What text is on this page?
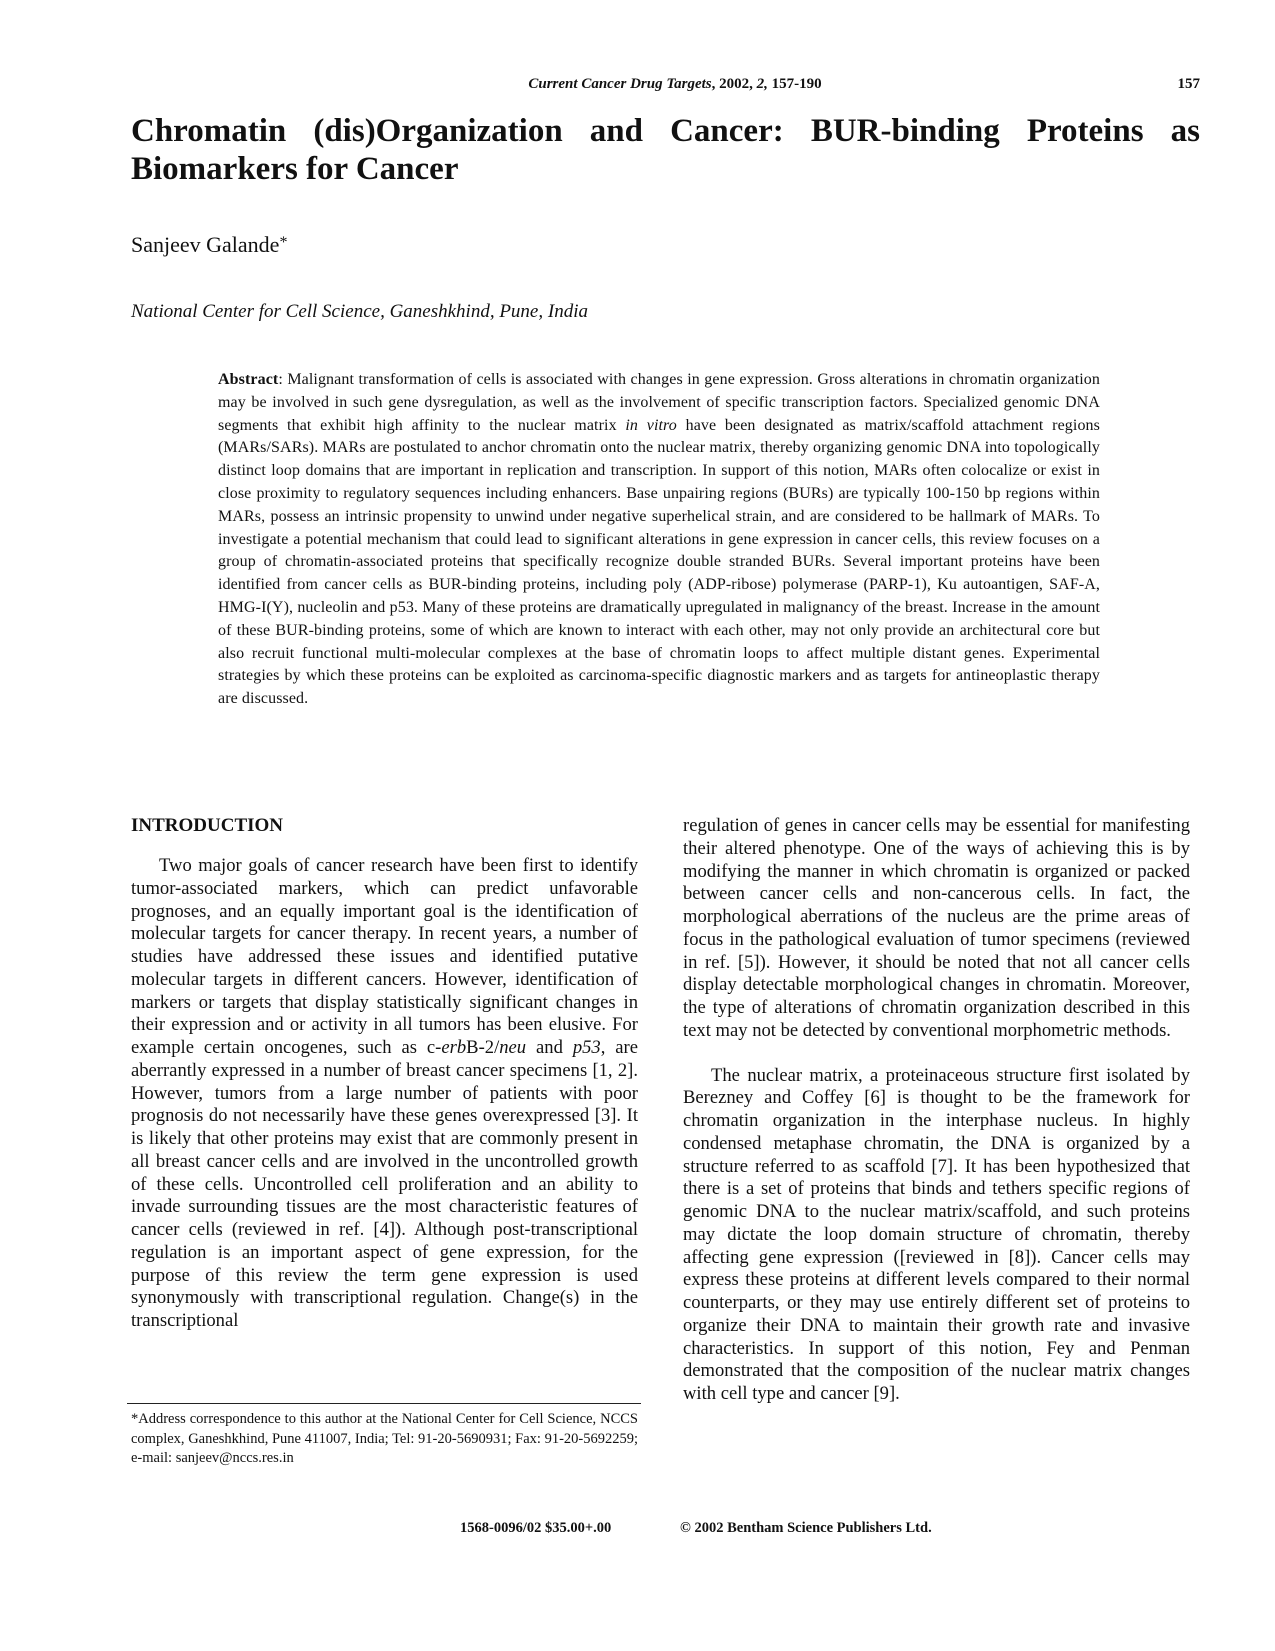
Current Cancer Drug Targets, 2002, 2, 157-190	157
Chromatin (dis)Organization and Cancer: BUR-binding Proteins as Biomarkers for Cancer
Sanjeev Galande*
National Center for Cell Science, Ganeshkhind, Pune, India
Abstract: Malignant transformation of cells is associated with changes in gene expression. Gross alterations in chromatin organization may be involved in such gene dysregulation, as well as the involvement of specific transcription factors. Specialized genomic DNA segments that exhibit high affinity to the nuclear matrix in vitro have been designated as matrix/scaffold attachment regions (MARs/SARs). MARs are postulated to anchor chromatin onto the nuclear matrix, thereby organizing genomic DNA into topologically distinct loop domains that are important in replication and transcription. In support of this notion, MARs often colocalize or exist in close proximity to regulatory sequences including enhancers. Base unpairing regions (BURs) are typically 100-150 bp regions within MARs, possess an intrinsic propensity to unwind under negative superhelical strain, and are considered to be hallmark of MARs. To investigate a potential mechanism that could lead to significant alterations in gene expression in cancer cells, this review focuses on a group of chromatin-associated proteins that specifically recognize double stranded BURs. Several important proteins have been identified from cancer cells as BUR-binding proteins, including poly (ADP-ribose) polymerase (PARP-1), Ku autoantigen, SAF-A, HMG-I(Y), nucleolin and p53. Many of these proteins are dramatically upregulated in malignancy of the breast. Increase in the amount of these BUR-binding proteins, some of which are known to interact with each other, may not only provide an architectural core but also recruit functional multi-molecular complexes at the base of chromatin loops to affect multiple distant genes. Experimental strategies by which these proteins can be exploited as carcinoma-specific diagnostic markers and as targets for antineoplastic therapy are discussed.
INTRODUCTION

Two major goals of cancer research have been first to identify tumor-associated markers, which can predict unfavorable prognoses, and an equally important goal is the identification of molecular targets for cancer therapy. In recent years, a number of studies have addressed these issues and identified putative molecular targets in different cancers. However, identification of markers or targets that display statistically significant changes in their expression and or activity in all tumors has been elusive. For example certain oncogenes, such as c-erbB-2/neu and p53, are aberrantly expressed in a number of breast cancer specimens [1, 2]. However, tumors from a large number of patients with poor prognosis do not necessarily have these genes overexpressed [3]. It is likely that other proteins may exist that are commonly present in all breast cancer cells and are involved in the uncontrolled growth of these cells. Uncontrolled cell proliferation and an ability to invade surrounding tissues are the most characteristic features of cancer cells (reviewed in ref. [4]). Although post-transcriptional regulation is an important aspect of gene expression, for the purpose of this review the term gene expression is used synonymously with transcriptional regulation. Change(s) in the transcriptional

regulation of genes in cancer cells may be essential for manifesting their altered phenotype. One of the ways of achieving this is by modifying the manner in which chromatin is organized or packed between cancer cells and non-cancerous cells. In fact, the morphological aberrations of the nucleus are the prime areas of focus in the pathological evaluation of tumor specimens (reviewed in ref. [5]). However, it should be noted that not all cancer cells display detectable morphological changes in chromatin. Moreover, the type of alterations of chromatin organization described in this text may not be detected by conventional morphometric methods.

The nuclear matrix, a proteinaceous structure first isolated by Berezney and Coffey [6] is thought to be the framework for chromatin organization in the interphase nucleus. In highly condensed metaphase chromatin, the DNA is organized by a structure referred to as scaffold [7]. It has been hypothesized that there is a set of proteins that binds and tethers specific regions of genomic DNA to the nuclear matrix/scaffold, and such proteins may dictate the loop domain structure of chromatin, thereby affecting gene expression ([reviewed in [8]). Cancer cells may express these proteins at different levels compared to their normal counterparts, or they may use entirely different set of proteins to organize their DNA to maintain their growth rate and invasive characteristics. In support of this notion, Fey and Penman demonstrated that the composition of the nuclear matrix changes with cell type and cancer [9].

*Address correspondence to this author at the National Center for Cell Science, NCCS complex, Ganeshkhind, Pune 411007, India; Tel: 91-20-5690931; Fax: 91-20-5692259; e-mail: sanjeev@nccs.res.in
1568-0096/02 $35.00+.00	© 2002 Bentham Science Publishers Ltd.
